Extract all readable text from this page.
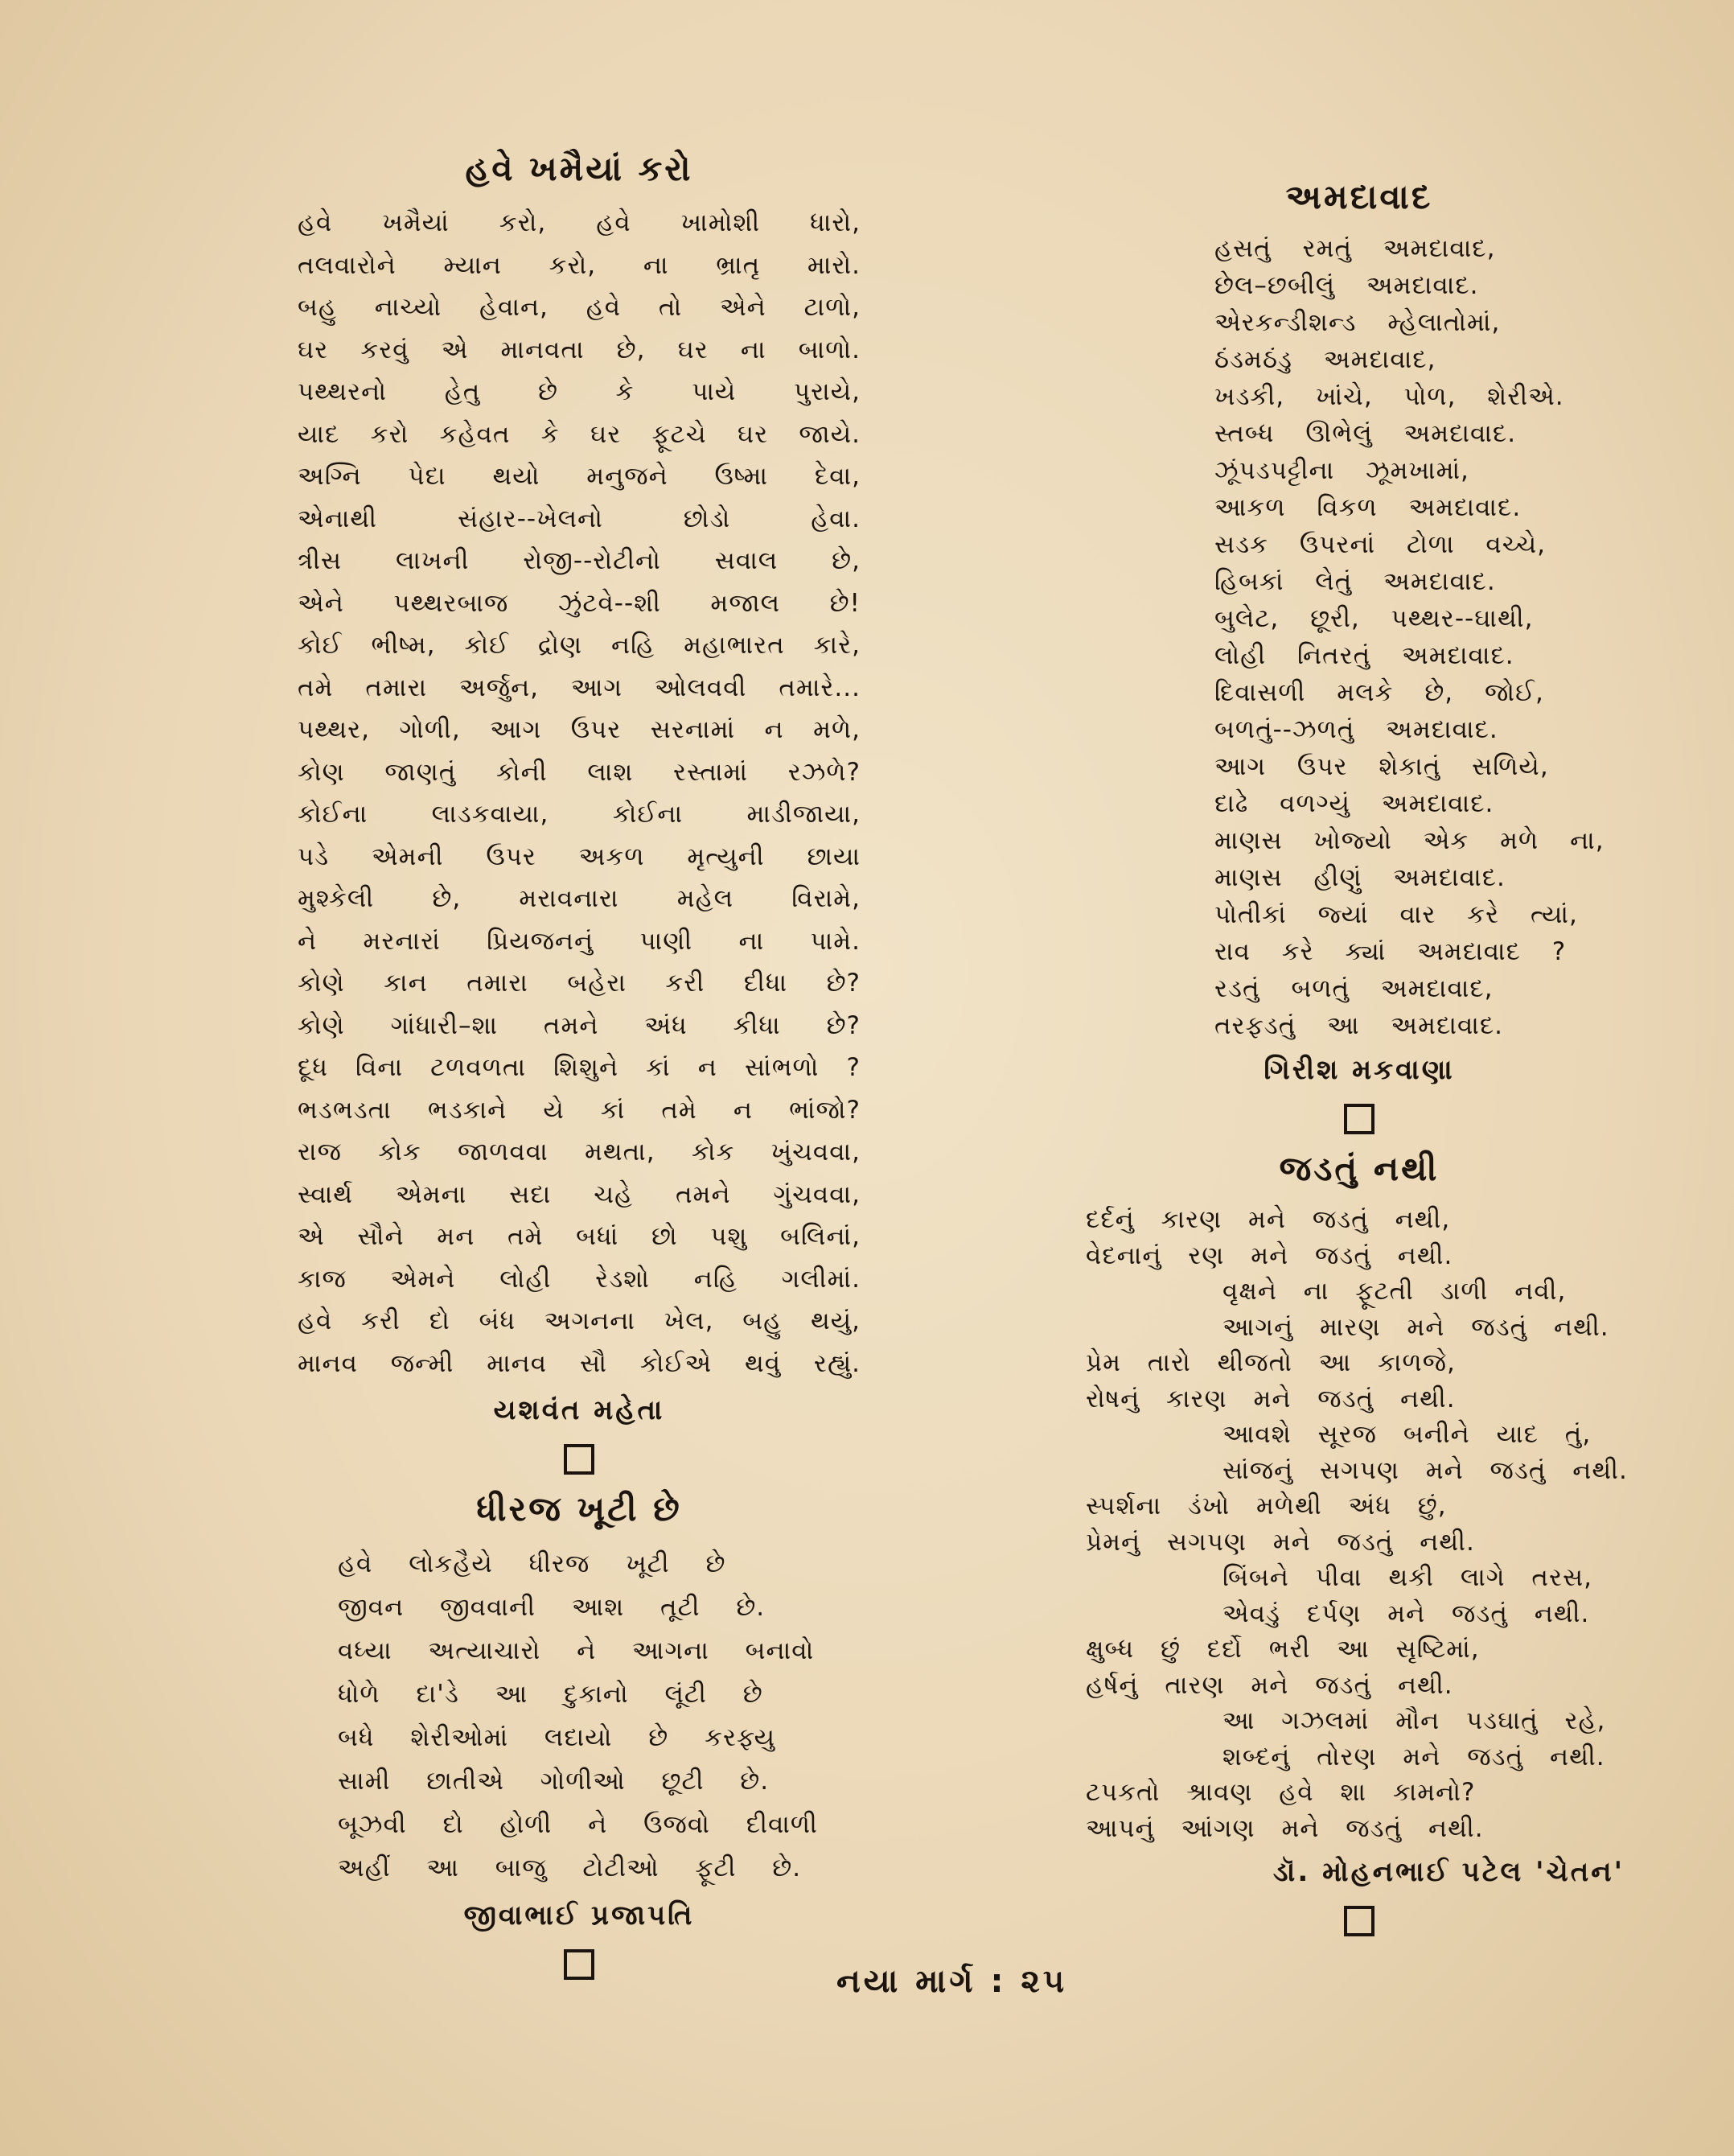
હવે ખમૈયાં કરો
હવે ખમૈયાં કરો, હવે ખામોશી ધારો,
તલવારોને મ્યાન કરો, ના ભ્રાતૃ મારો.
બહુ નાચ્યો હેવાન, હવે તો એને ટાળો,
ઘર કરવું એ માનવતા છે, ઘર ના બાળો.
પથ્થરનો હેતુ છે કે પાયે પુરાયે,
યાદ કરો કહેવત કે ઘર ફૂટચે ઘર જાયે.
અગ્નિ પેદા થયો મનુજને ઉષ્મા દેવા,
એનાથી સંહાર--ખેલનો છોડો હેવા.
ત્રીસ લાખની રોજી--રોટીનો સવાલ છે,
એને પથ્થરબાજ ઝુંટવે--શી મજાલ છે!
કોઈ ભીષ્મ, કોઈ દ્રોણ નહિ મહાભારત કારે,
તમે તમારા અર્જુન, આગ ઓલવવી તમારે...
પથ્થર, ગોળી, આગ ઉપર સરનામાં ન મળે,
કોણ જાણતું કોની લાશ રસ્તામાં રઝળે?
કોઈના લાડકવાયા, કોઈના માડીજાયા,
પડે એમની ઉપર અકળ મૃત્યુની છાયા
મુશ્કેલી છે, મરાવનારા મહેલ વિરામે,
ને મરનારાં પ્રિયજનનું પાણી ના પામે.
કોણે કાન તમારા બહેરા કરી દીધા છે?
કોણે ગાંધારી–શા તમને અંધ કીધા છે?
દૂધ વિના ટળવળતા શિશુને કાં ન સાંભળો ?
ભડભડતા ભડકાને યે કાં તમે ન ભાંજો?
રાજ કોક જાળવવા મથતા, કોક ખુંચવવા,
સ્વાર્થ એમના સદા ચહે તમને ગુંચવવા,
એ સૌને મન તમે બધાં છો પશુ બલિનાં,
કાજ એમને લોહી રેડશો નહિ ગલીમાં.
હવે કરી દો બંધ અગનના ખેલ, બહુ થયું,
માનવ જન્મી માનવ સૌ કોઈએ થવું રહ્યું.
યશવંત મહેતા
ધીરજ ખૂટી છે
હવે લોકહૈયે ધીરજ ખૂટી છે
જીવન જીવવાની આશ તૂટી છે.
વધ્યા અત્યાચારો ને આગના બનાવો
ધોળે દા'ડે આ દુકાનો લૂંટી છે
બધે શેરીઓમાં લદાયો છે કરફ્યુ
સામી છાતીએ ગોળીઓ છૂટી છે.
બૂઝવી દો હોળી ને ઉજવો દીવાળી
અહીં આ બાજુ ટોટીઓ ફૂટી છે.
જીવાભાઈ પ્રજાપતિ
અમદાવાદ
હસતું રમતું અમદાવાદ,
છેલ–છબીલું અમદાવાદ.
એરકન્ડીશન્ડ મ્હેલાતોમાં,
ઠંડમઠંડુ અમદાવાદ,
ખડકી, ખાંચે, પોળ, શેરીએ.
સ્તબ્ધ ઊભેલું અમદાવાદ.
ઝૂંપડપટ્ટીના ઝૂમખામાં,
આકળ વિકળ અમદાવાદ.
સડક ઉપરનાં ટોળા વચ્ચે,
હિબકાં લેતું અમદાવાદ.
બુલેટ, છૂરી, પથ્થર--ઘાથી,
લોહી નિતરતું અમદાવાદ.
દિવાસળી મલકે છે, જોઈ,
બળતું--ઝળતું અમદાવાદ.
આગ ઉપર શેકાતું સળિયે,
દાઢે વળગ્યું અમદાવાદ.
માણસ ખોજ્યો એક મળે ના,
માણસ હીણું અમદાવાદ.
પોતીકાં જ્યાં વાર કરે ત્યાં,
રાવ કરે ક્યાં અમદાવાદ ?
રડતું બળતું અમદાવાદ,
તરફડતું આ અમદાવાદ.
ગિરીશ મકવાણા
જડતું નથી
દર્દનું કારણ મને જડતું નથી,
વેદનાનું રણ મને જડતું નથી.
વૃક્ષને ના ફૂટતી ડાળી નવી,
આગનું મારણ મને જડતું નથી.
પ્રેમ તારો થીજતો આ કાળજે,
રોષનું કારણ મને જડતું નથી.
આવશે સૂરજ બનીને યાદ તું,
સાંજનું સગપણ મને જડતું નથી.
સ્પર્શના ડંખો મળેથી અંધ છું,
પ્રેમનું સગપણ મને જડતું નથી.
બિંબને પીવા થકી લાગે તરસ,
એવડું દર્પણ મને જડતું નથી.
ક્ષુબ્ધ છું દર્દો ભરી આ સૃષ્ટિમાં,
હર્ષનું તારણ મને જડતું નથી.
આ ગઝલમાં મૌન પડઘાતું રહે,
શબ્દનું તોરણ મને જડતું નથી.
ટપકતો શ્રાવણ હવે શા કામનો?
આપનું આંગણ મને જડતું નથી.
ડૉ. મોહનભાઈ પટેલ 'ચેતન'
નયા માર્ગ : ૨૫
